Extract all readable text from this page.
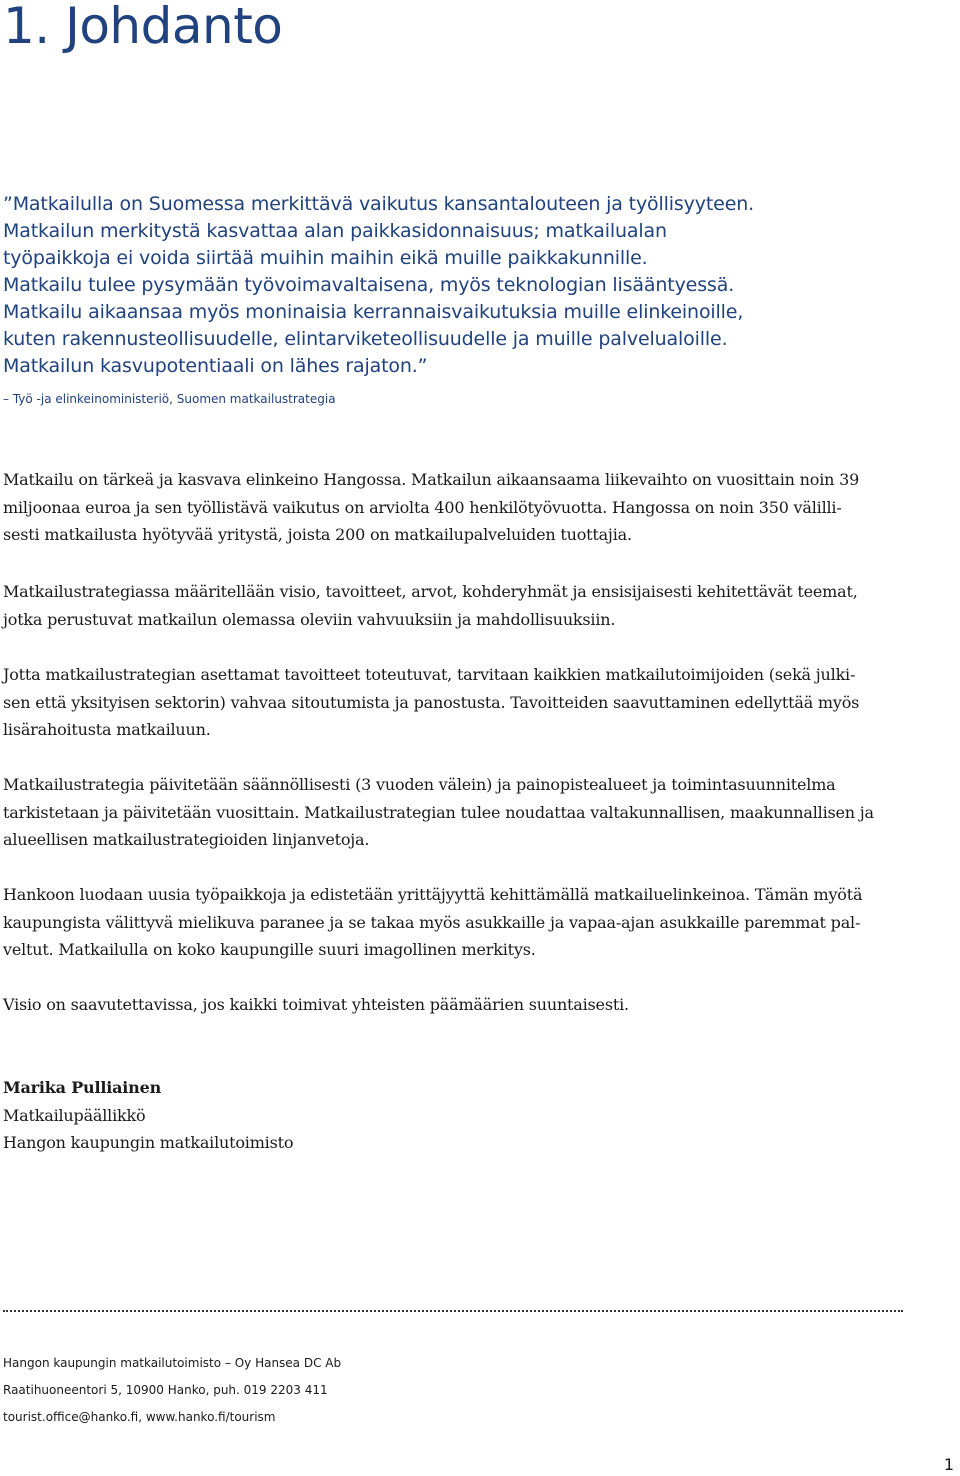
1. Johdanto
”Matkailulla on Suomessa merkittävä vaikutus kansantalouteen ja työllisyyteen.
Matkailun merkitystä kasvattaa alan paikkasidonnaisuus; matkailualan
työpaikkoja ei voida siirtää muihin maihin eikä muille paikkakunnille.
Matkailu tulee pysymään työvoimavaltaisena, myös teknologian lisääntyessä.
Matkailu aikaansaa myös moninaisia kerrannaisvaikutuksia muille elinkeinoille,
kuten rakennusteollisuudelle, elintarviketeollisuudelle ja muille palvelualoille.
Matkailun kasvupotentiaali on lähes rajaton.”
– Työ -ja elinkeinoministeriö, Suomen matkailustrategia

Matkailu on tärkeä ja kasvava elinkeino Hangossa. Matkailun aikaansaama liikevaihto on vuosittain noin 39
miljoonaa euroa ja sen työllistävä vaikutus on arviolta 400 henkilötyövuotta. Hangossa on noin 350 välilli-
sesti matkailusta hyötyvää yritystä, joista 200 on matkailupalveluiden tuottajia.

Matkailustrategiassa määritellään visio, tavoitteet, arvot, kohderyhmät ja ensisijaisesti kehitettävät teemat,
jotka perustuvat matkailun olemassa oleviin vahvuuksiin ja mahdollisuuksiin.

Jotta matkailustrategian asettamat tavoitteet toteutuvat, tarvitaan kaikkien matkailutoimijoiden (sekä julki-
sen että yksityisen sektorin) vahvaa sitoutumista ja panostusta. Tavoitteiden saavuttaminen edellyttää myös
lisärahoitusta matkailuun.

Matkailustrategia päivitetään säännöllisesti (3 vuoden välein) ja painopistealueet ja toimintasuunnitelma
tarkistetaan ja päivitetään vuosittain. Matkailustrategian tulee noudattaa valtakunnallisen, maakunnallisen ja
alueellisen matkailustrategioiden linjanvetoja.

Hankoon luodaan uusia työpaikkoja ja edistetään yrittäjyyttä kehittämällä matkailuelinkeinoa. Tämän myötä
kaupungista välittyvä mielikuva paranee ja se takaa myös asukkaille ja vapaa-ajan asukkaille paremmat pal-
veltut. Matkailulla on koko kaupungille suuri imagollinen merkitys.

Visio on saavutettavissa, jos kaikki toimivat yhteisten päämäärien suuntaisesti.

Marika Pulliainen
Matkailupäällikkö
Hangon kaupungin matkailutoimisto
Hangon kaupungin matkailutoimisto – Oy Hansea DC Ab
Raatihuoneentori 5, 10900 Hanko, puh. 019 2203 411
tourist.office@hanko.fi, www.hanko.fi/tourism
1
